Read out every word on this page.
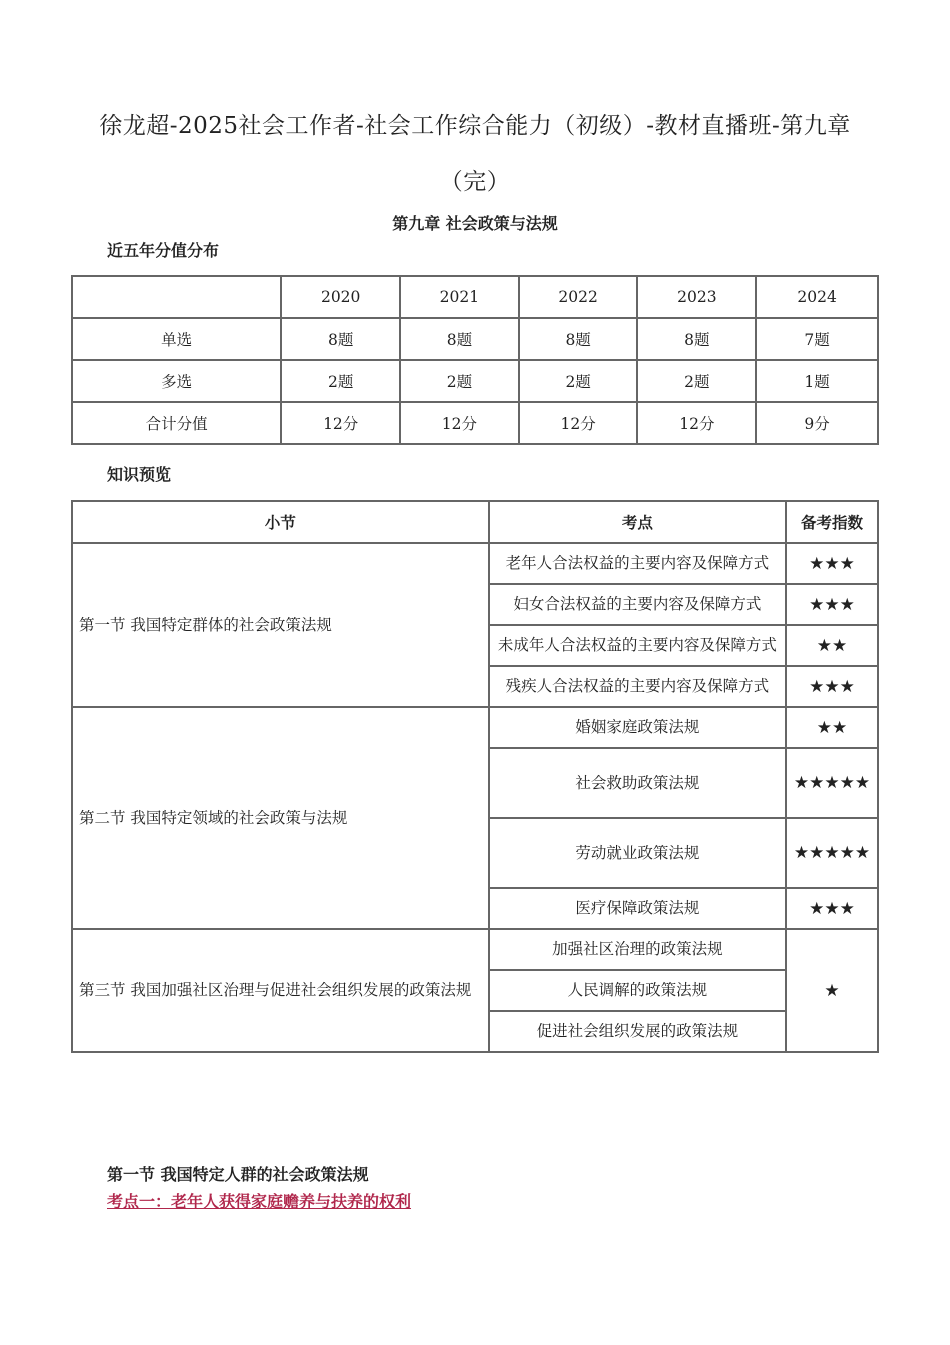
徐龙超-2025社会工作者-社会工作综合能力（初级）-教材直播班-第九章
（完）
第九章 社会政策与法规
近五年分值分布
	2020	2021	2022	2023	2024
单选	8题	8题	8题	8题	7题
多选	2题	2题	2题	2题	1题
合计分值	12分	12分	12分	12分	9分
知识预览
小节	考点	备考指数
第一节 我国特定群体的社会政策法规	老年人合法权益的主要内容及保障方式	★★★
	妇女合法权益的主要内容及保障方式	★★★
	未成年人合法权益的主要内容及保障方式	★★
	残疾人合法权益的主要内容及保障方式	★★★
第二节 我国特定领域的社会政策与法规	婚姻家庭政策法规	★★
	社会救助政策法规	★★★★★
	劳动就业政策法规	★★★★★
	医疗保障政策法规	★★★
第三节 我国加强社区治理与促进社会组织发展的政策法规	加强社区治理的政策法规	★
	人民调解的政策法规	
	促进社会组织发展的政策法规	
第一节 我国特定人群的社会政策法规
考点一：老年人获得家庭赡养与扶养的权利
